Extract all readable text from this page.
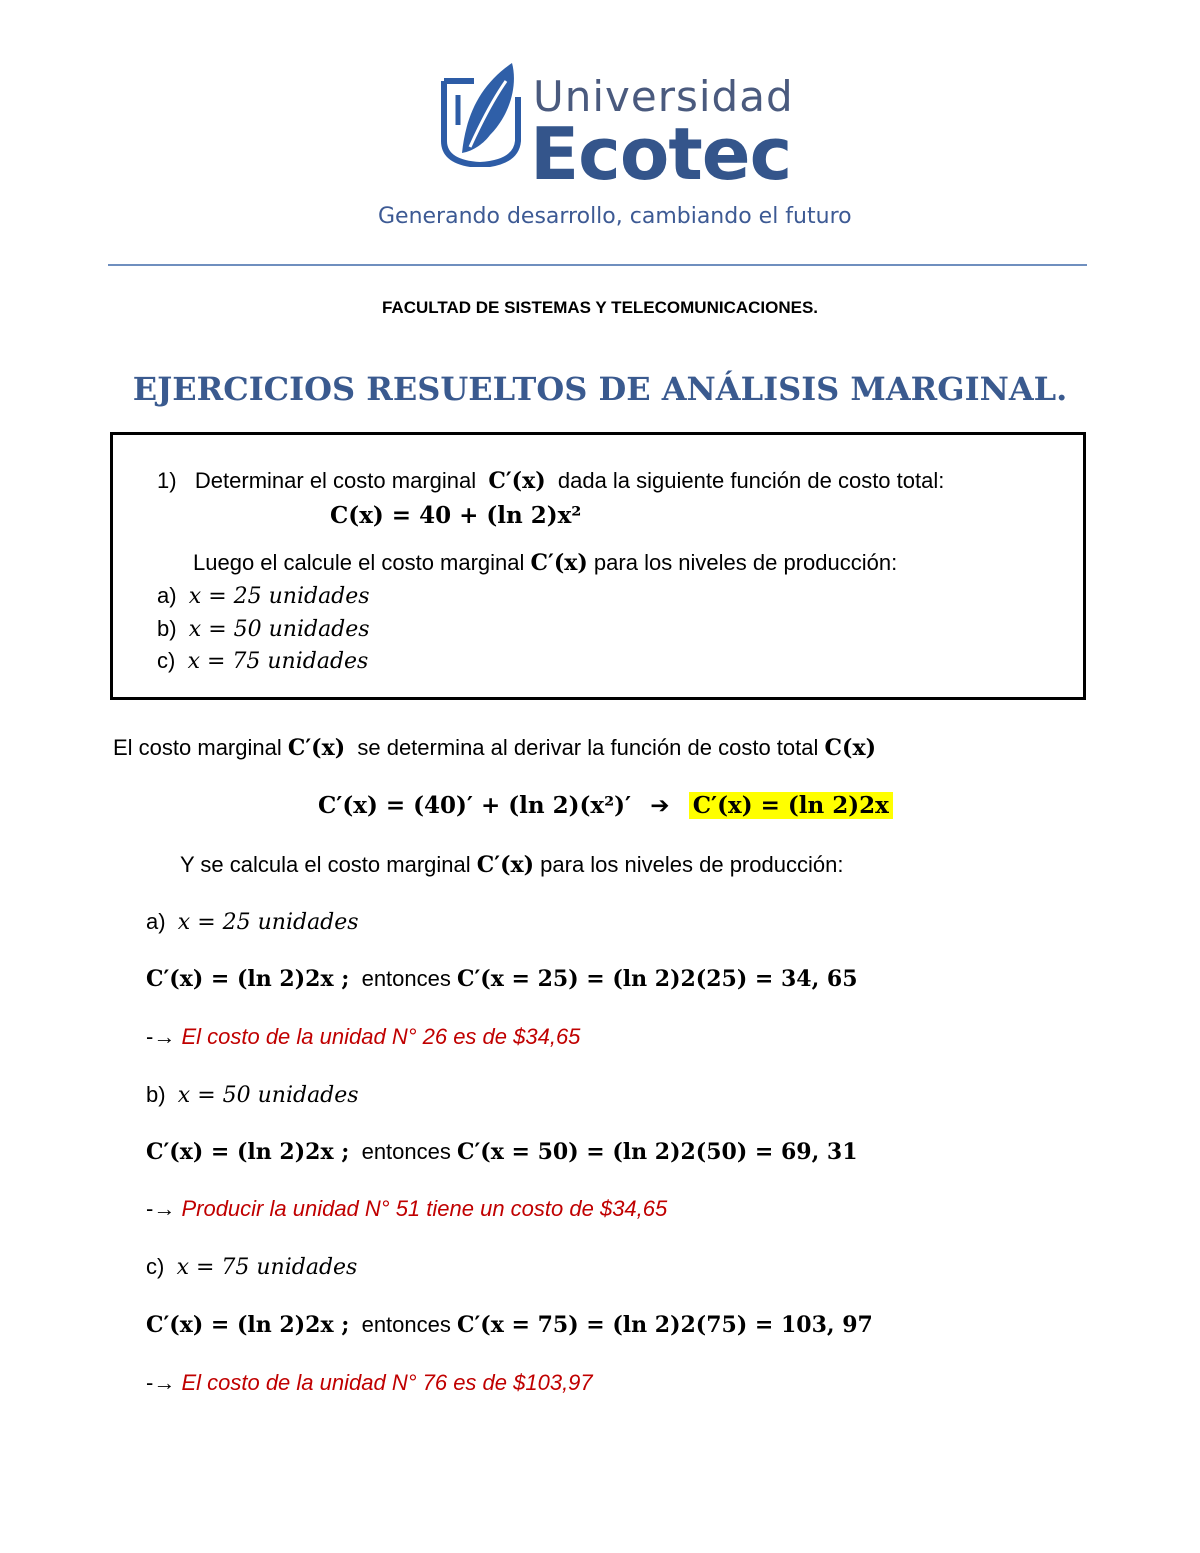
Universidad
Ecotec
Generando desarrollo, cambiando el futuro
FACULTAD DE SISTEMAS Y TELECOMUNICACIONES.
EJERCICIOS RESUELTOS DE ANÁLISIS MARGINAL.
1) Determinar el costo marginal C′(x) dada la siguiente función de costo total:
C(x) = 40 + (ln 2)x²
Luego el calcule el costo marginal C′(x) para los niveles de producción:
a) x = 25 unidades
b) x = 50 unidades
c) x = 75 unidades
El costo marginal C′(x) se determina al derivar la función de costo total C(x)
C′(x) = (40)′ + (ln 2)(x²)′ ➔ C′(x) = (ln 2)2x
Y se calcula el costo marginal C′(x) para los niveles de producción:
a) x = 25 unidades
C′(x) = (ln 2)2x ; entonces C′(x = 25) = (ln 2)2(25) = 34, 65
-→ El costo de la unidad N° 26 es de $34,65
b) x = 50 unidades
C′(x) = (ln 2)2x ; entonces C′(x = 50) = (ln 2)2(50) = 69, 31
-→ Producir la unidad N° 51 tiene un costo de $34,65
c) x = 75 unidades
C′(x) = (ln 2)2x ; entonces C′(x = 75) = (ln 2)2(75) = 103, 97
-→ El costo de la unidad N° 76 es de $103,97
